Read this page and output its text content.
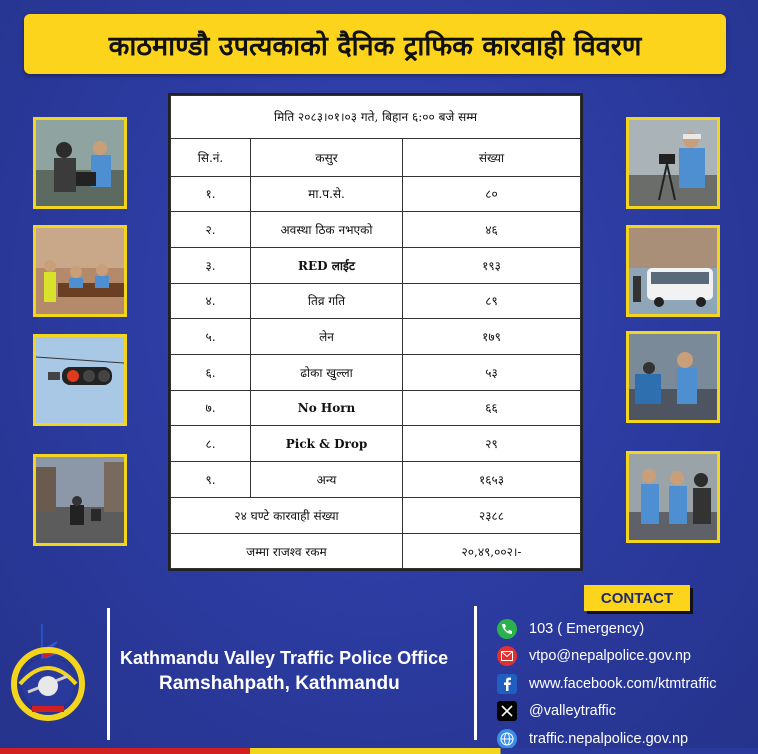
काठमाण्डौ उपत्यकाको दैनिक ट्राफिक कारवाही विवरण
मिति २०८३।०१।०३ गते, बिहान ६:०० बजे सम्म		
सि.नं.	कसुर	संख्या
१.	मा.प.से.	८०
२.	अवस्था ठिक नभएको	४६
३.	RED लाईट	१९३
४.	तिव्र गति	८९
५.	लेन	१७९
६.	ढोका खुल्ला	५३
७.	No Horn	६६
८.	Pick & Drop	२९
९.	अन्य	१६५३
२४ घण्टे कारवाही संख्या		२३८८
जम्मा राजश्व रकम		२०,४९,००२।-
Kathmandu Valley Traffic Police Office
Ramshahpath, Kathmandu
CONTACT
103 ( Emergency)
vtpo@nepalpolice.gov.np
www.facebook.com/ktmtraffic
@valleytraffic
traffic.nepalpolice.gov.np
